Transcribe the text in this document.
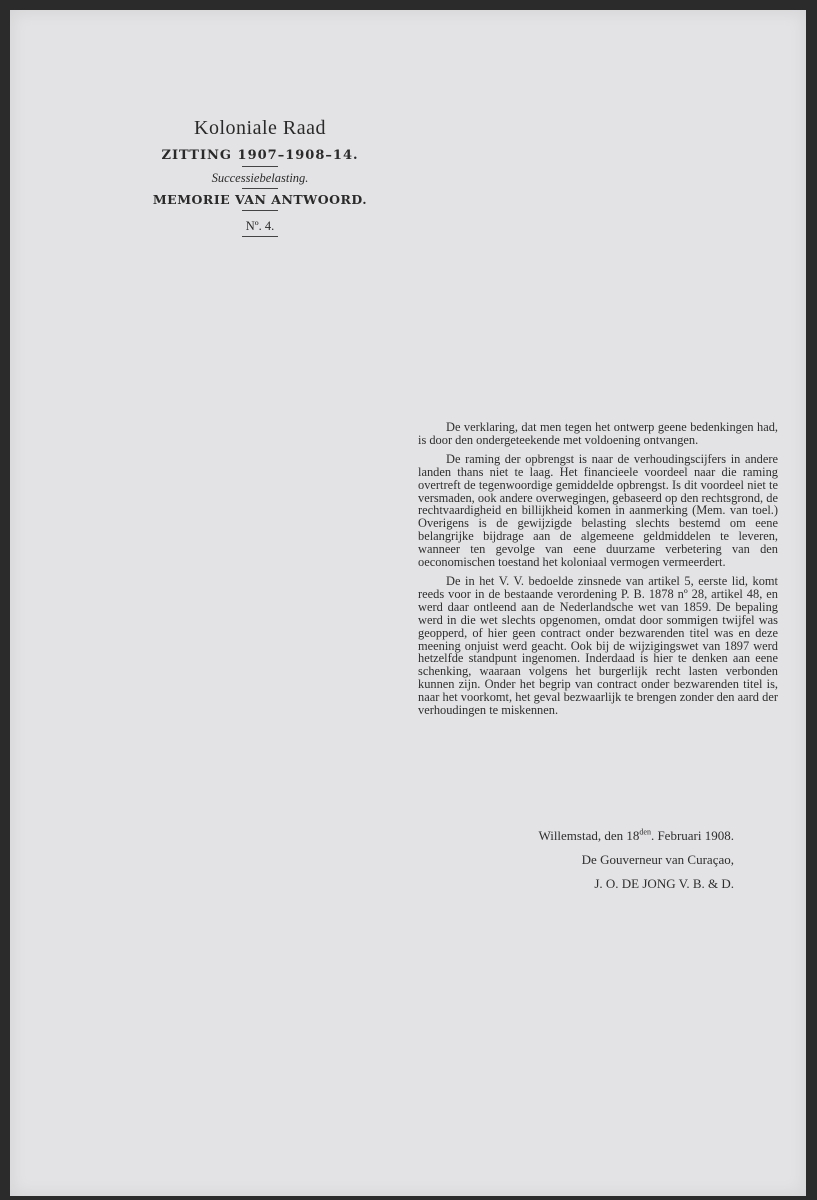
Koloniale Raad
ZITTING 1907–1908–14.
Successiebelasting.
MEMORIE VAN ANTWOORD.
Nº. 4.

De verklaring, dat men tegen het ontwerp geene bedenkingen had, is door den ondergeteekende met voldoening ontvangen.

De raming der opbrengst is naar de verhoudingscijfers in andere landen thans niet te laag. Het financieele voordeel naar die raming overtreft de tegenwoordige gemiddelde opbrengst. Is dit voordeel niet te versmaden, ook andere overwegingen, gebaseerd op den rechtsgrond, de rechtvaardigheid en billijkheid komen in aanmerking (Mem. van toel.) Overigens is de gewijzigde belasting slechts bestemd om eene belangrijke bijdrage aan de algemeene geldmiddelen te leveren, wanneer ten gevolge van eene duurzame verbetering van den oeconomischen toestand het koloniaal vermogen vermeerdert.

De in het V. V. bedoelde zinsnede van artikel 5, eerste lid, komt reeds voor in de bestaande verordening P. B. 1878 nº 28, artikel 48, en werd daar ontleend aan de Nederlandsche wet van 1859. De bepaling werd in die wet slechts opgenomen, omdat door sommigen twijfel was geopperd, of hier geen contract onder bezwarenden titel was en deze meening onjuist werd geacht. Ook bij de wijzigingswet van 1897 werd hetzelfde standpunt ingenomen. Inderdaad is hier te denken aan eene schenking, waaraan volgens het burgerlijk recht lasten verbonden kunnen zijn. Onder het begrip van contract onder bezwarenden titel is, naar het voorkomt, het geval bezwaarlijk te brengen zonder den aard der verhoudingen te miskennen.

Willemstad, den $18^{den}$. Februari 1908.
De Gouverneur van Curaçao,
J. O. DE JONG V. B. & D.
